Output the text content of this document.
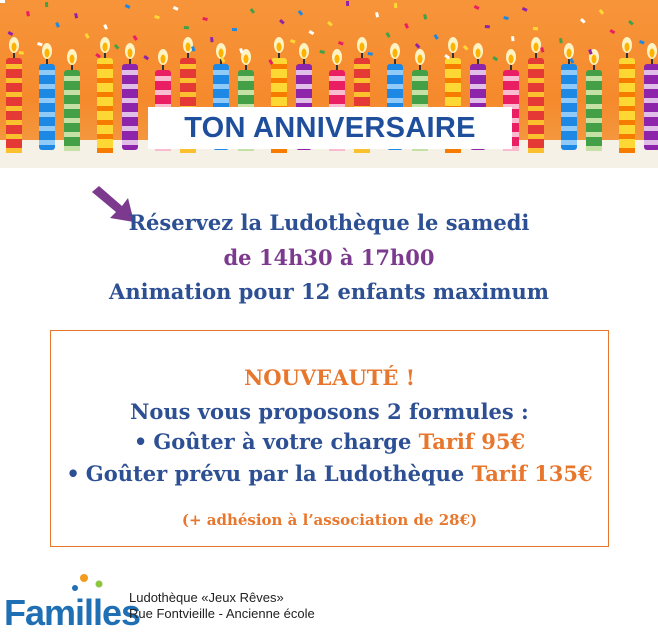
TON ANNIVERSAIRE
Réservez la Ludothèque le samedi
de 14h30 à 17h00
Animation pour 12 enfants maximum
NOUVEAUTÉ !
Nous vous proposons 2 formules :
• Goûter à votre charge Tarif 95€
• Goûter prévu par la Ludothèque Tarif 135€
(+ adhésion à l’association de 28€)
Familles
Ludothèque «Jeux Rêves»
Rue Fontvieille - Ancienne école
